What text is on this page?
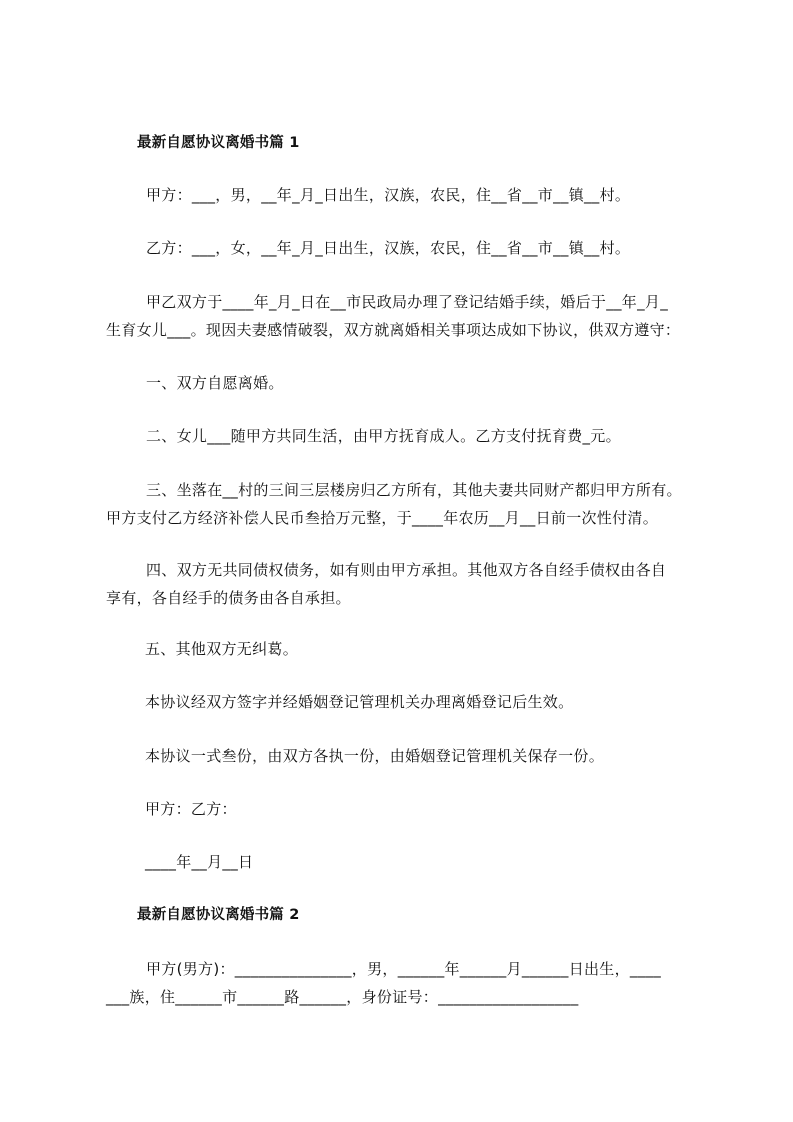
最新自愿协议离婚书篇 1
甲方：___，男，__年_月_日出生，汉族，农民，住__省__市__镇__村。
乙方：___，女，__年_月_日出生，汉族，农民，住__省__市__镇__村。
甲乙双方于____年_月_日在__市民政局办理了登记结婚手续，婚后于__年_月_
生育女儿___。现因夫妻感情破裂，双方就离婚相关事项达成如下协议，供双方遵守：
一、双方自愿离婚。
二、女儿___随甲方共同生活，由甲方抚育成人。乙方支付抚育费_元。
三、坐落在__村的三间三层楼房归乙方所有，其他夫妻共同财产都归甲方所有。
甲方支付乙方经济补偿人民币叁拾万元整，于____年农历__月__日前一次性付清。
四、双方无共同债权债务，如有则由甲方承担。其他双方各自经手债权由各自
享有，各自经手的债务由各自承担。
五、其他双方无纠葛。
本协议经双方签字并经婚姻登记管理机关办理离婚登记后生效。
本协议一式叁份，由双方各执一份，由婚姻登记管理机关保存一份。
甲方：乙方：
____年__月__日
最新自愿协议离婚书篇 2
甲方(男方)：_______________，男，______年______月______日出生，____
___族，住______市______路______，身份证号：__________________
